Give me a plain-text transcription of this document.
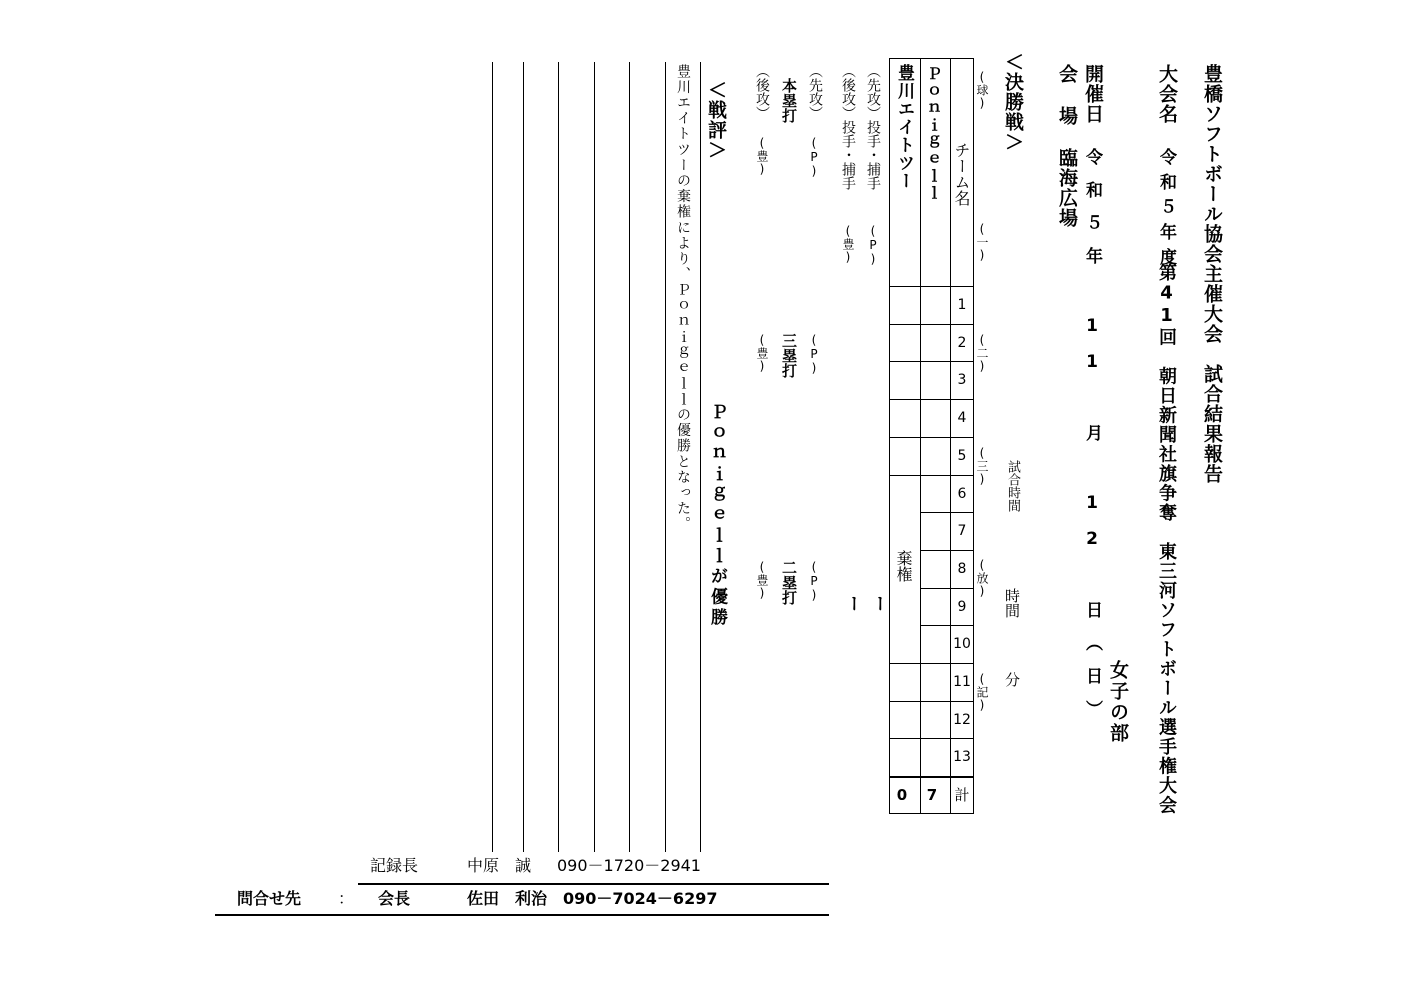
豊橋ソフトボール協会主催大会　試合結果報告
大会名
令和５年度
第41回　朝日新聞社旗争奪　東三河ソフトボール選手権大会
女子の部
開催日
令和５年 11 月 12 日（日）
会　場
臨海広場
＜決勝戦＞
(球)
(一)
(二)
(三)
(放)
(記)
試合時間
時間
分
1
2
3
4
5
6
7
8
9
10
11
12
13
チーム名
Ｐｏｎｉｇｅｌｌ
豊川エイトツー
棄権
計
7
0
（先攻）投手・捕手
(P)
（後攻）投手・捕手
(豊)
ー
ー
（先攻）
（後攻） 本塁打
(P)
(豊)
三塁打 (P)
(豊)
二塁打 (P)
(豊)
＜戦評＞
Ｐｏｎｉｇｅｌｌが優勝
豊川エイトツーの棄権により、Ｐｏｎｉｇｅｌｌの優勝となった。
記録長	中原　誠 090－1720－2941
問合せ先 ： 会長	佐田　利治 090－7024－6297
